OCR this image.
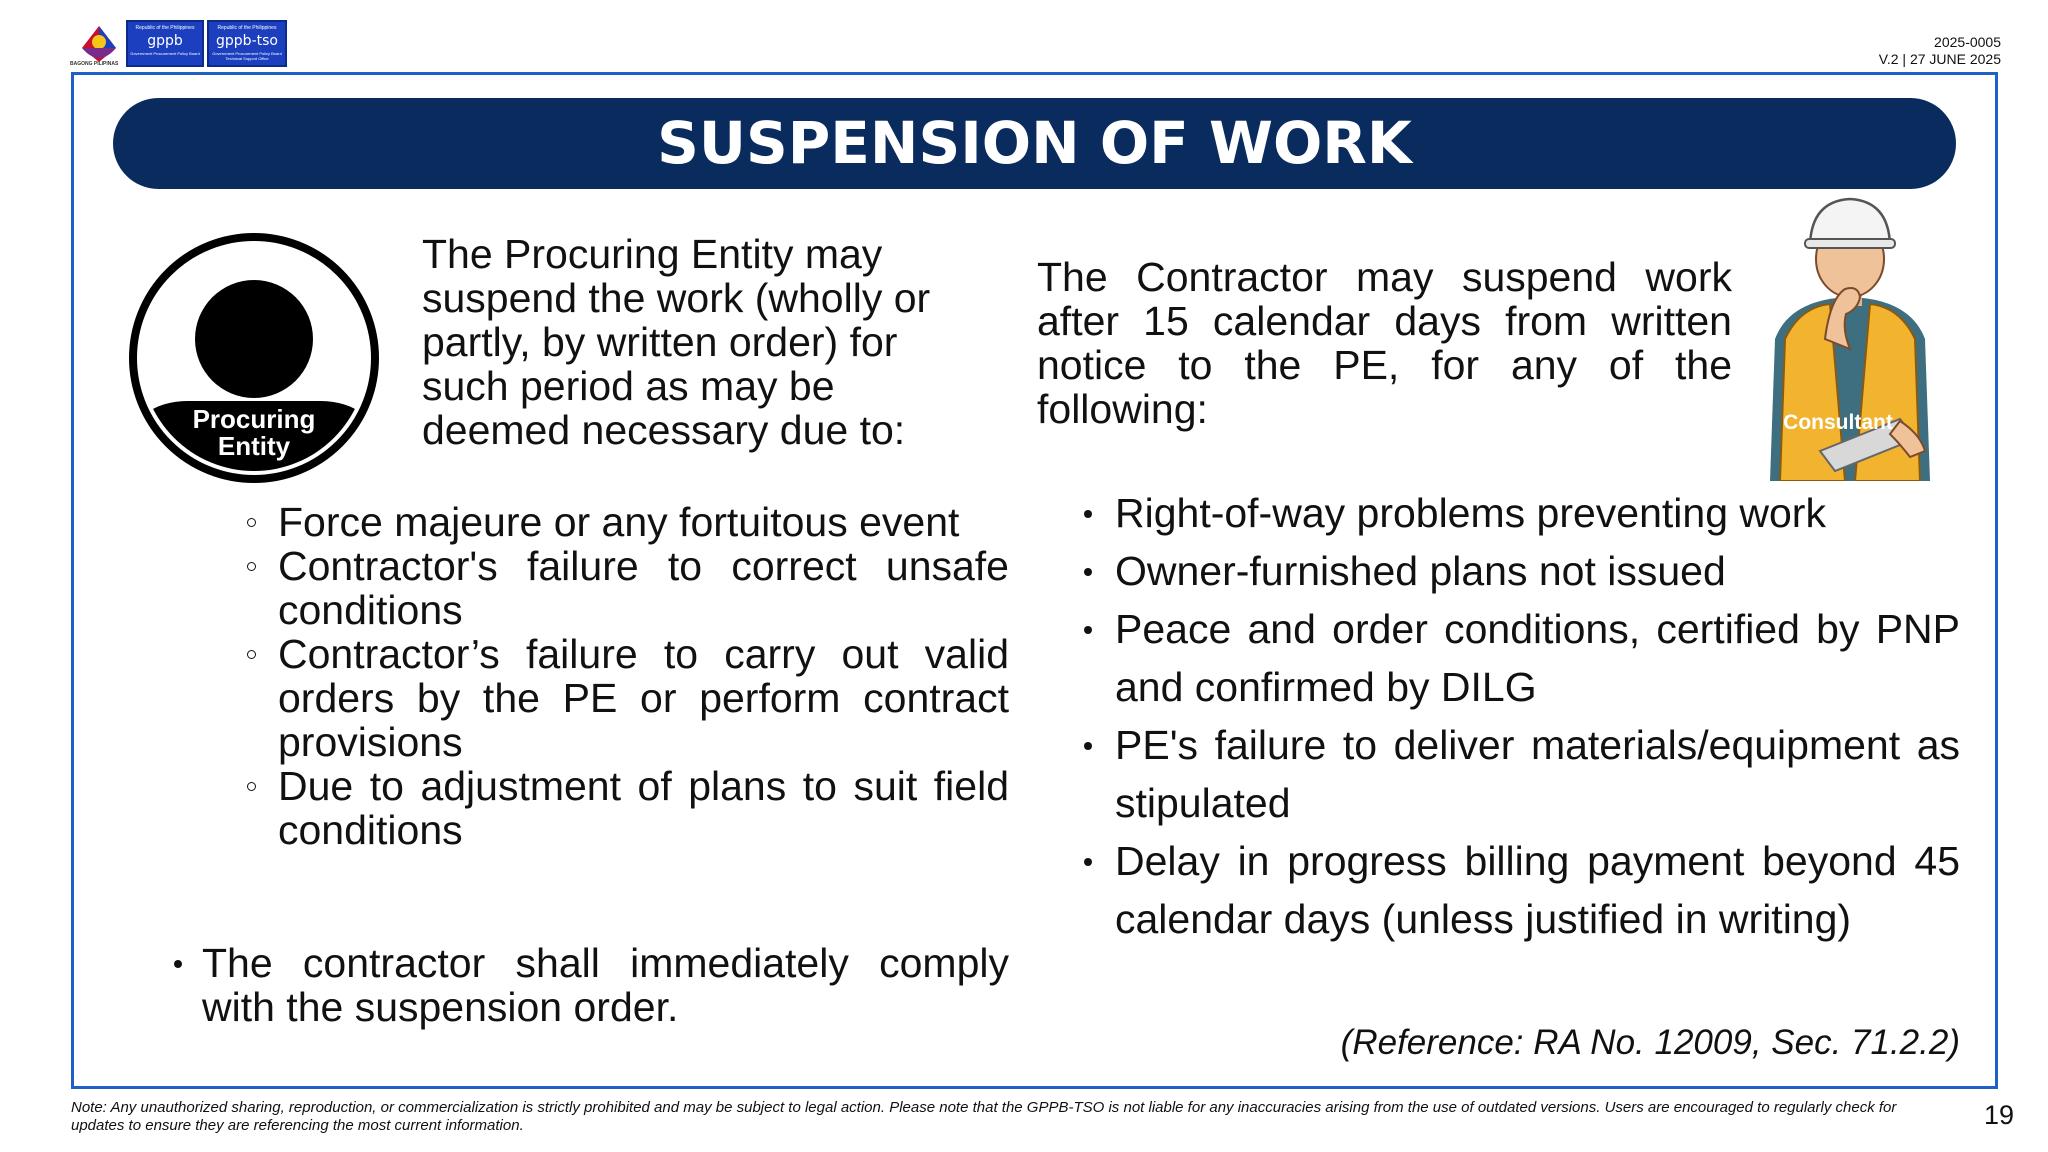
BAGONG PILIPINAS
Republic of the Philippines
gppb
Government Procurement Policy Board
Republic of the Philippines
gppb-tso
Government Procurement Policy Board Technical Support Office
2025-0005
V.2 | 27 JUNE 2025
SUSPENSION OF WORK
Procuring
Entity
The Procuring Entity may suspend the work (wholly or partly, by written order) for such period as may be deemed necessary due to:
Force majeure or any fortuitous event
Contractor's failure to correct unsafe conditions
Contractor’s failure to carry out valid orders by the PE or perform contract provisions
Due to adjustment of plans to suit field conditions
The contractor shall immediately comply with the suspension order.
The Contractor may suspend work after 15 calendar days from written notice to the PE, for any of the following:	Consultant
Right-of-way problems preventing work
Owner-furnished plans not issued
Peace and order conditions, certified by PNP and confirmed by DILG
PE's failure to deliver materials/equipment as stipulated
Delay in progress billing payment beyond 45 calendar days (unless justified in writing)
(Reference: RA No. 12009, Sec. 71.2.2)
Note: Any unauthorized sharing, reproduction, or commercialization is strictly prohibited and may be subject to legal action. Please note that the GPPB-TSO is not liable for any inaccuracies arising from the use of outdated versions. Users are encouraged to regularly check for updates to ensure they are referencing the most current information.	19
